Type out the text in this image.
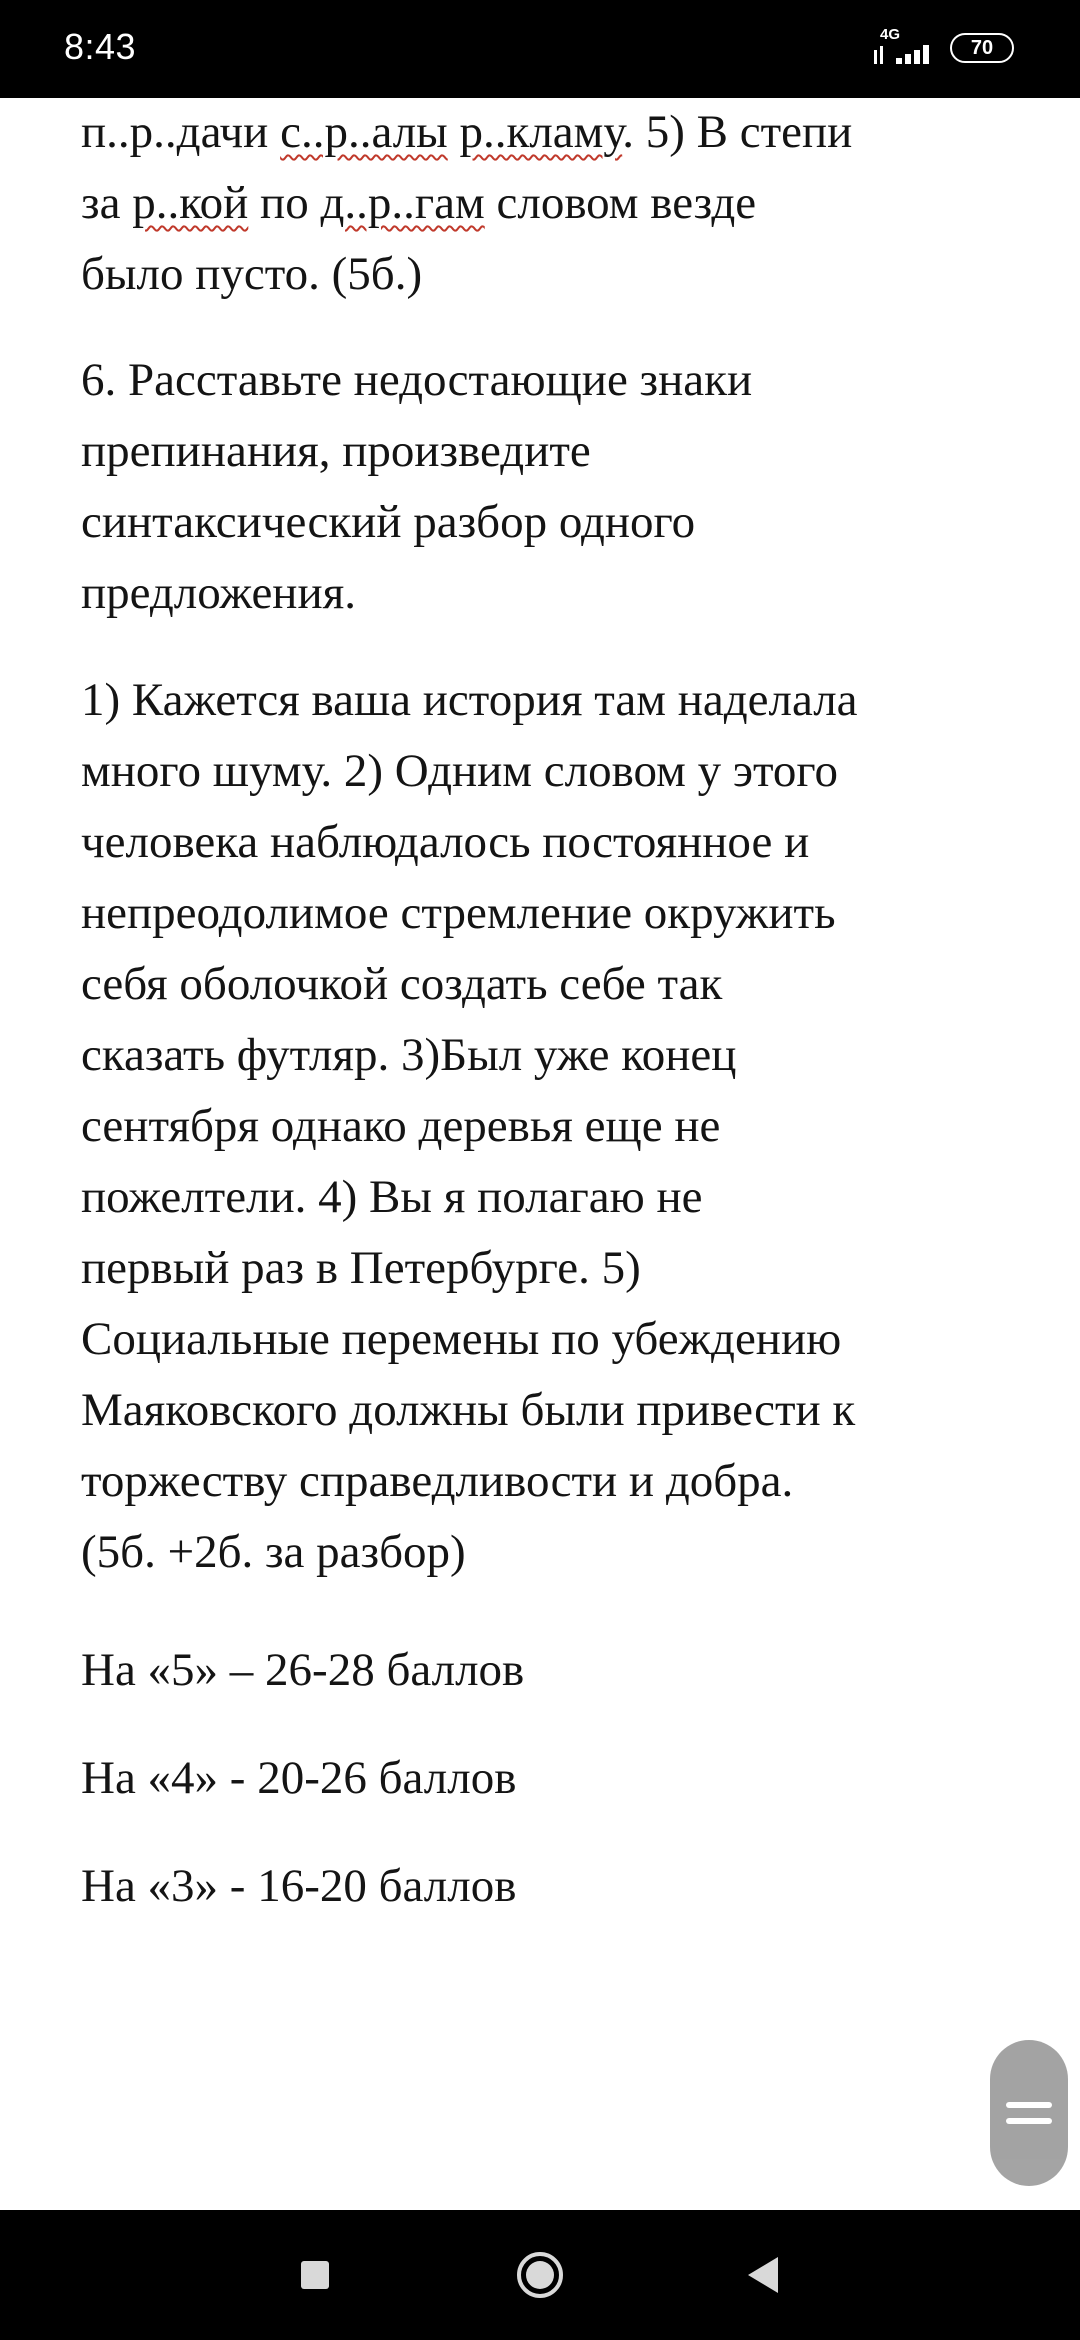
8:43	4G
70
п..р..дачи с..р..алы р..кламу. 5) В степи
за р..кой по д..р..гам словом везде
было пусто. (5б.)
6. Расставьте недостающие знаки
препинания, произведите
синтаксический разбор одного
предложения.
1) Кажется ваша история там наделала
много шуму. 2) Одним словом у этого
человека наблюдалось постоянное и
непреодолимое стремление окружить
себя оболочкой создать себе так
сказать футляр. 3)Был уже конец
сентября однако деревья еще не
пожелтели. 4) Вы я полагаю не
первый раз в Петербурге. 5)
Социальные перемены по убеждению
Маяковского должны были привести к
торжеству справедливости и добра.
(5б. +2б. за разбор)
На «5» – 26-28 баллов
На «4» - 20-26 баллов
На «3» - 16-20 баллов
